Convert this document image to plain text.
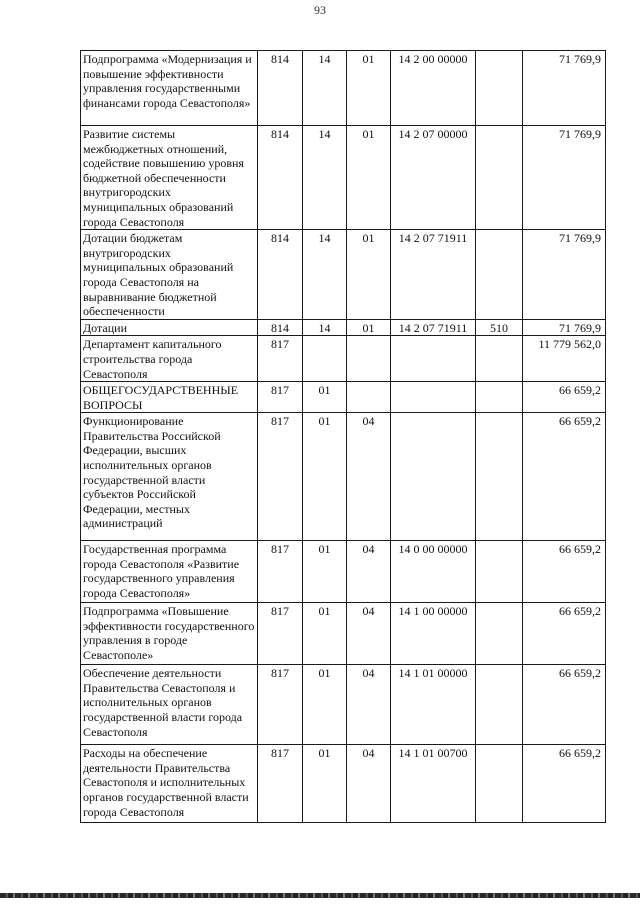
93
Подпрограмма «Модернизация и повышение эффективности управления государственными финансами города Севастополя»	814	14	01	14 2 00 00000		71 769,9
Развитие системы межбюджетных отношений, содействие повышению уровня бюджетной обеспеченности внутригородских муниципальных образований города Севастополя	814	14	01	14 2 07 00000		71 769,9
Дотации бюджетам внутригородских муниципальных образований города Севастополя на выравнивание бюджетной обеспеченности	814	14	01	14 2 07 71911		71 769,9
Дотации	814	14	01	14 2 07 71911	510	71 769,9
Департамент капитального строительства города Севастополя	817					11 779 562,0
ОБЩЕГОСУДАРСТВЕННЫЕ ВОПРОСЫ	817	01				66 659,2
Функционирование Правительства Российской Федерации, высших исполнительных органов государственной власти субъектов Российской Федерации, местных администраций	817	01	04			66 659,2
Государственная программа города Севастополя «Развитие государственного управления города Севастополя»	817	01	04	14 0 00 00000		66 659,2
Подпрограмма «Повышение эффективности государственного управления в городе Севастополе»	817	01	04	14 1 00 00000		66 659,2
Обеспечение деятельности Правительства Севастополя и исполнительных органов государственной власти города Севастополя	817	01	04	14 1 01 00000		66 659,2
Расходы на обеспечение деятельности Правительства Севастополя и исполнительных органов государственной власти города Севастополя	817	01	04	14 1 01 00700		66 659,2
